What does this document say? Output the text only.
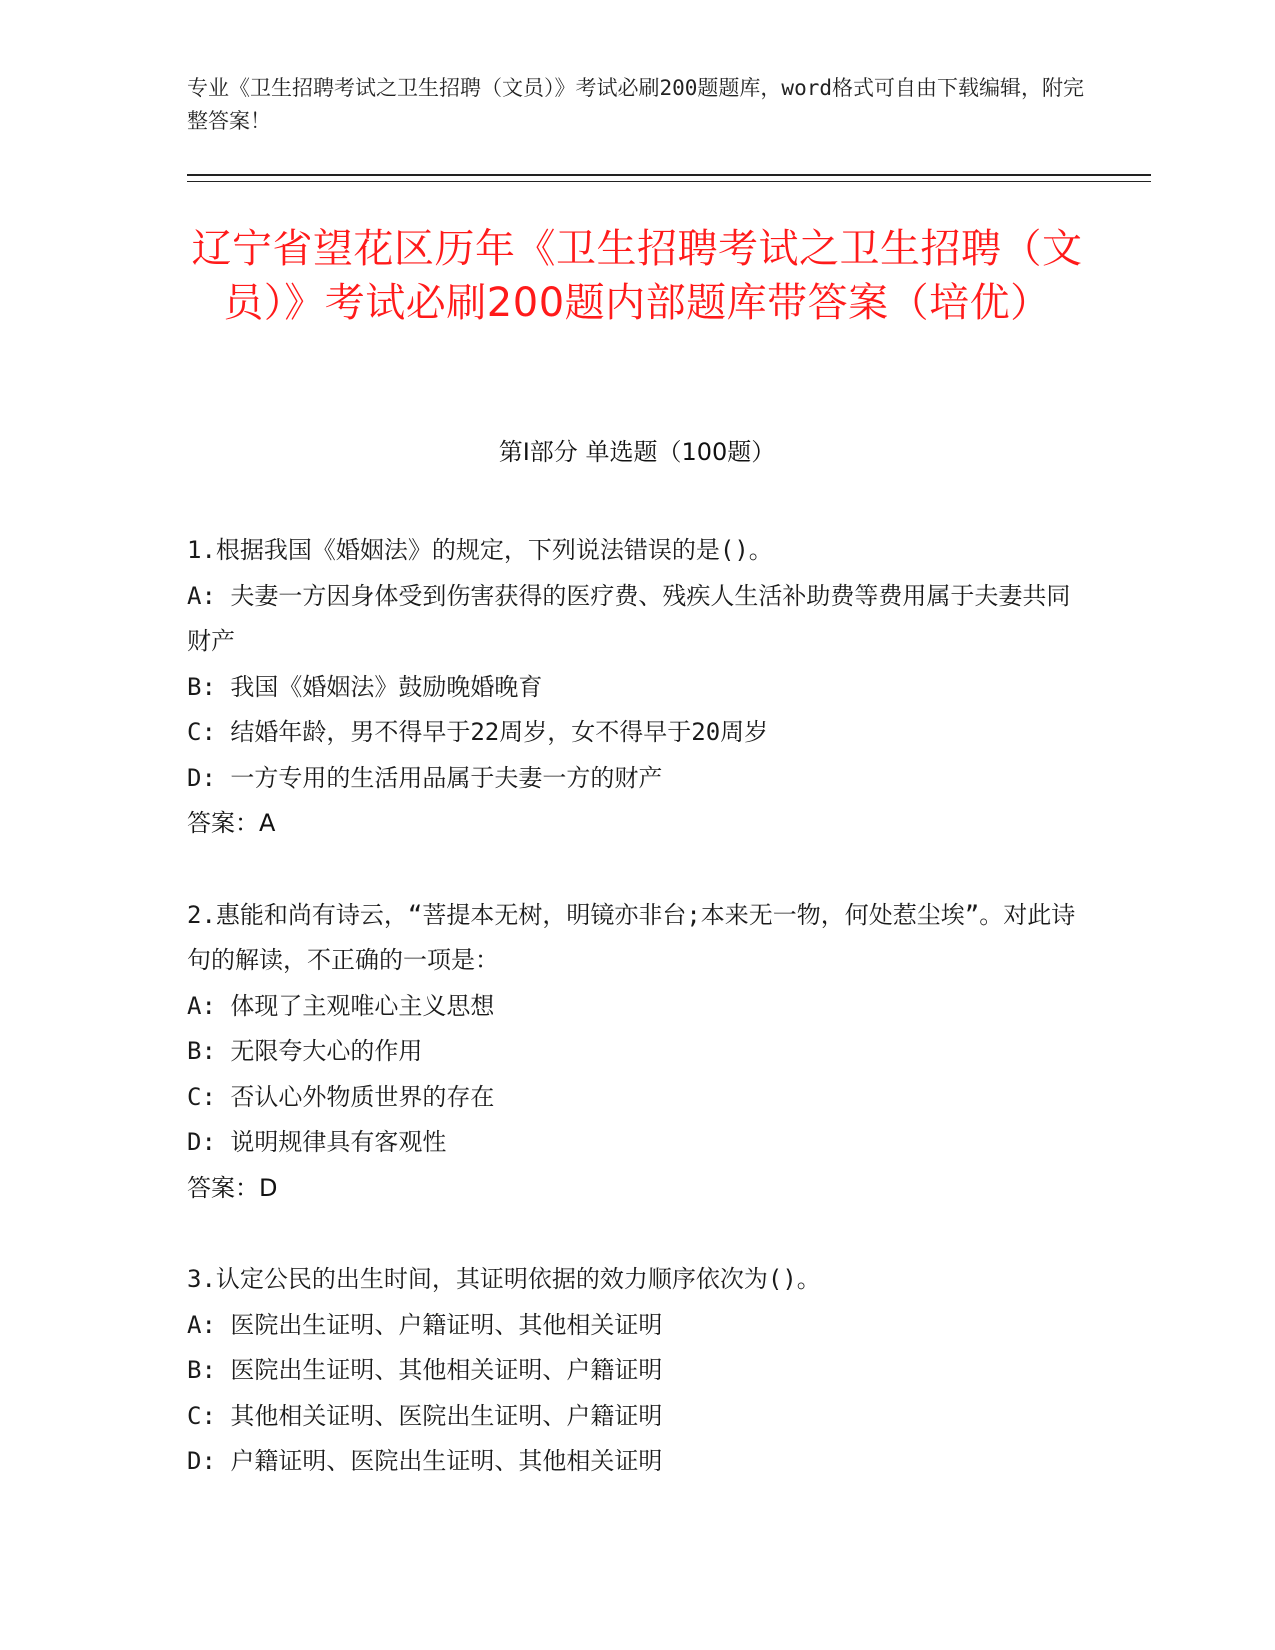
专业《卫生招聘考试之卫生招聘（文员）》考试必刷200题题库，word格式可自由下载编辑，附完整答案！
辽宁省望花区历年《卫生招聘考试之卫生招聘（文员）》考试必刷200题内部题库带答案（培优）
第Ⅰ部分 单选题（100题）
1.根据我国《婚姻法》的规定，下列说法错误的是()。
A: 夫妻一方因身体受到伤害获得的医疗费、残疾人生活补助费等费用属于夫妻共同财产
B: 我国《婚姻法》鼓励晚婚晚育
C: 结婚年龄，男不得早于22周岁，女不得早于20周岁
D: 一方专用的生活用品属于夫妻一方的财产
答案：A
2.惠能和尚有诗云，“菩提本无树，明镜亦非台;本来无一物，何处惹尘埃”。对此诗句的解读，不正确的一项是：
A: 体现了主观唯心主义思想
B: 无限夸大心的作用
C: 否认心外物质世界的存在
D: 说明规律具有客观性
答案：D
3.认定公民的出生时间，其证明依据的效力顺序依次为()。
A: 医院出生证明、户籍证明、其他相关证明
B: 医院出生证明、其他相关证明、户籍证明
C: 其他相关证明、医院出生证明、户籍证明
D: 户籍证明、医院出生证明、其他相关证明
